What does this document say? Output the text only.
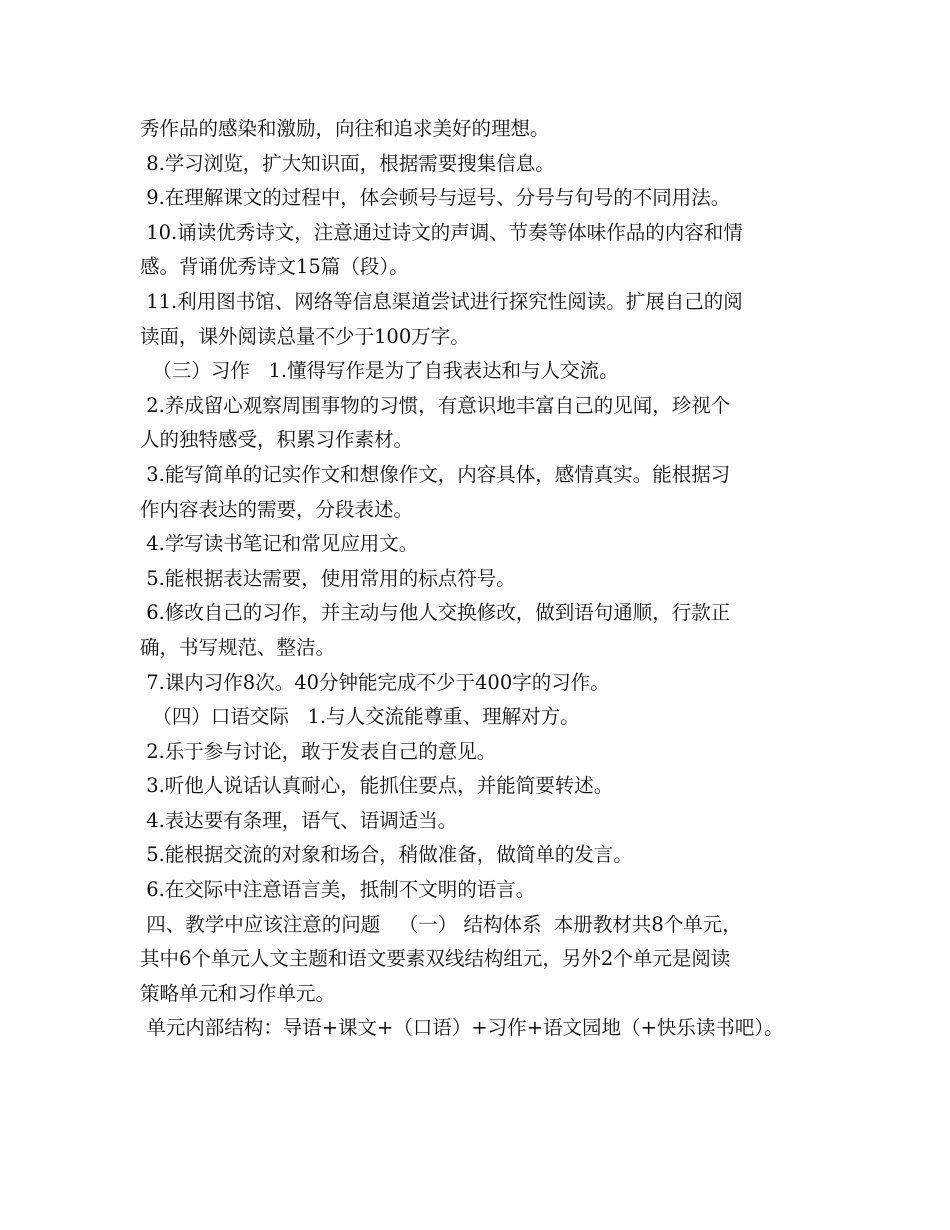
秀作品的感染和激励，向往和追求美好的理想。
8.学习浏览，扩大知识面，根据需要搜集信息。
9.在理解课文的过程中，体会顿号与逗号、分号与句号的不同用法。
10.诵读优秀诗文，注意通过诗文的声调、节奏等体味作品的内容和情
感。背诵优秀诗文15篇（段）。
11.利用图书馆、网络等信息渠道尝试进行探究性阅读。扩展自己的阅
读面，课外阅读总量不少于100万字。
（三）习作   1.懂得写作是为了自我表达和与人交流。
2.养成留心观察周围事物的习惯，有意识地丰富自己的见闻，珍视个
人的独特感受，积累习作素材。
3.能写简单的记实作文和想像作文，内容具体，感情真实。能根据习
作内容表达的需要，分段表述。
4.学写读书笔记和常见应用文。
5.能根据表达需要，使用常用的标点符号。
6.修改自己的习作，并主动与他人交换修改，做到语句通顺，行款正
确，书写规范、整洁。
7.课内习作8次。40分钟能完成不少于400字的习作。
（四）口语交际   1.与人交流能尊重、理解对方。
2.乐于参与讨论，敢于发表自己的意见。
3.听他人说话认真耐心，能抓住要点，并能简要转述。
4.表达要有条理，语气、语调适当。
5.能根据交流的对象和场合，稍做准备，做简单的发言。
6.在交际中注意语言美，抵制不文明的语言。
四、教学中应该注意的问题   （一） 结构体系  本册教材共8个单元，
其中6个单元人文主题和语文要素双线结构组元，另外2个单元是阅读
策略单元和习作单元。
单元内部结构：导语+课文+（口语）+习作+语文园地（+快乐读书吧）。
